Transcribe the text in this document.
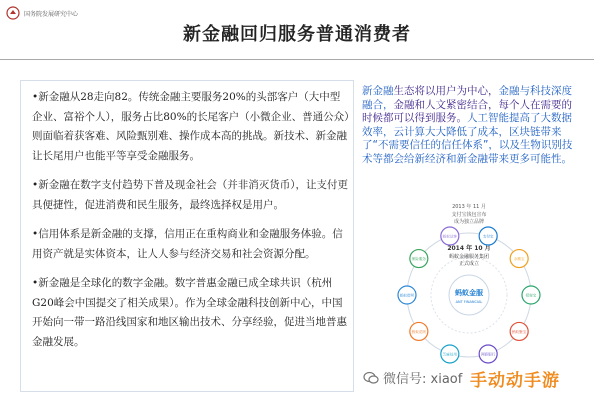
国务院发展研究中心
新金融回归服务普通消费者

•新金融从28走向82。传统金融主要服务20%的头部客户（大中型企业、富裕个人），服务占比80%的长尾客户（小微企业、普通公众）则面临着获客难、风险甄别难、操作成本高的挑战。新技术、新金融让长尾用户也能平等享受金融服务。

•新金融在数字支付趋势下普及现金社会（并非消灭货币），让支付更具便捷性，促进消费和民生服务，最终选择权是用户。

•信用体系是新金融的支撑，信用正在重构商业和金融服务体验。信用资产就是实体资本，让人人参与经济交易和社会资源分配。

•新金融是全球化的数字金融。数字普惠金融已成全球共识（杭州G20峰会中国提交了相关成果）。作为全球金融科技创新中心，中国开始向一带一路沿线国家和地区输出技术、分享经验，促进当地普惠金融发展。

新金融生态将以用户为中心，金融与科技深度融合，金融和人文紧密结合，每个人在需要的时候都可以得到服务。人工智能提高了大数据效率，云计算大大降低了成本，区块链带来了“不需要信任的信任体系”，以及生物识别技术等都会给新经济和新金融带来更多可能性。
2013 年 11 月
支付宝钱包宣布
成为独立品牌
2014 年 10 月
蚂蚁金融服务集团
正式成立
蚂蚁金服
ANT FINANCIAL
支付宝
余额宝
招财宝
蚂蚁聚宝
网商银行
芝麻信用
蚂蚁花呗
蚂蚁借呗
保险服务
蚂蚁达客
微信号: xiaof 手动动手游
